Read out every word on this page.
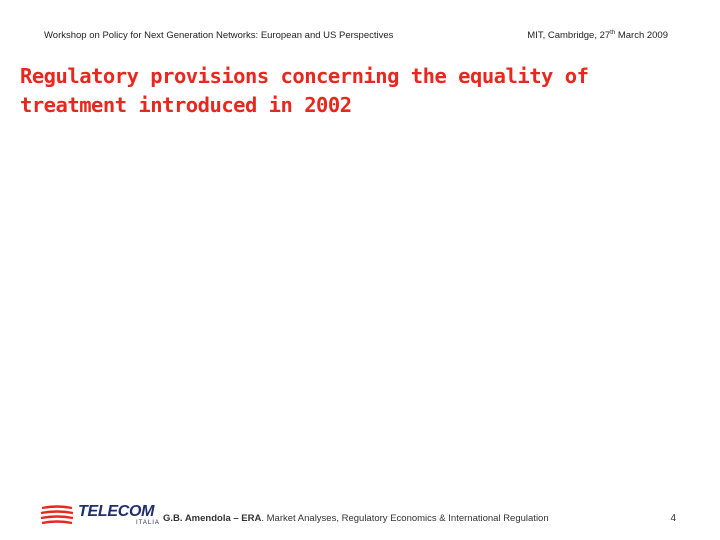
Workshop on Policy for Next Generation Networks: European and US Perspectives	MIT, Cambridge, 27th March 2009
Regulatory provisions concerning the equality of treatment introduced in 2002
TELECOM
ITALIA G.B. Amendola – ERA. Market Analyses, Regulatory Economics & International Regulation	4
